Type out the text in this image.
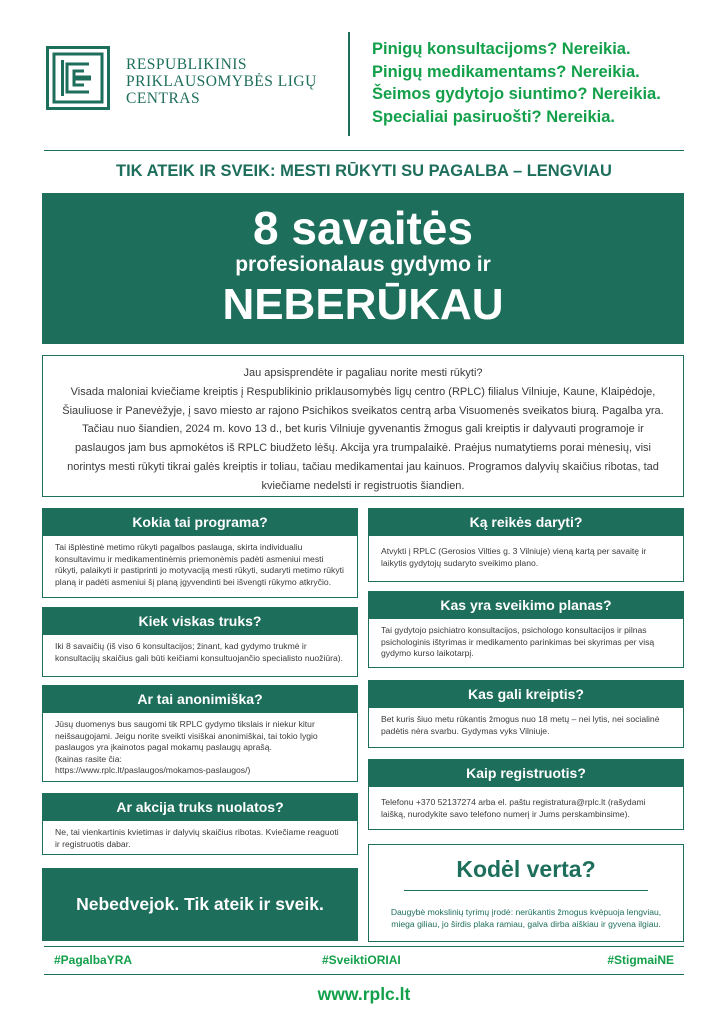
RESPUBLIKINIS
PRIKLAUSOMYBĖS LIGŲ
CENTRAS
Pinigų konsultacijoms? Nereikia.
Pinigų medikamentams? Nereikia.
Šeimos gydytojo siuntimo? Nereikia.
Specialiai pasiruošti? Nereikia.
TIK ATEIK IR SVEIK: MESTI RŪKYTI SU PAGALBA – LENGVIAU
8 savaitės
profesionalaus gydymo ir
NEBERŪKAU
Jau apsisprendėte ir pagaliau norite mesti rūkyti?
Visada maloniai kviečiame kreiptis į Respublikinio priklausomybės ligų centro (RPLC) filialus Vilniuje, Kaune, Klaipėdoje, Šiauliuose ir Panevėžyje, į savo miesto ar rajono Psichikos sveikatos centrą arba Visuomenės sveikatos biurą. Pagalba yra. Tačiau nuo šiandien, 2024 m. kovo 13 d., bet kuris Vilniuje gyvenantis žmogus gali kreiptis ir dalyvauti programoje ir paslaugos jam bus apmokėtos iš RPLC biudžeto lėšų. Akcija yra trumpalaikė. Praėjus numatytiems porai mėnesių, visi norintys mesti rūkyti tikrai galės kreiptis ir toliau, tačiau medikamentai jau kainuos. Programos dalyvių skaičius ribotas, tad kviečiame nedelsti ir registruotis šiandien.
Kokia tai programa?
Tai išplėstinė metimo rūkyti pagalbos paslauga, skirta individualiu konsultavimu ir medikamentinėmis priemonėmis padėti asmeniui mesti rūkyti, palaikyti ir pastiprinti jo motyvaciją mesti rūkyti, sudaryti metimo rūkyti planą ir padėti asmeniui šį planą įgyvendinti bei išvengti rūkymo atkryčio.
Kiek viskas truks?
Iki 8 savaičių (iš viso 6 konsultacijos; žinant, kad gydymo trukmė ir konsultacijų skaičius gali būti keičiami konsultuojančio specialisto nuožiūra).
Ar tai anonimiška?
Jūsų duomenys bus saugomi tik RPLC gydymo tikslais ir niekur kitur neišsaugojami. Jeigu norite sveikti visiškai anonimiškai, tai tokio lygio paslaugos yra įkainotos pagal mokamų paslaugų aprašą.
(kainas rasite čia:
https://www.rplc.lt/paslaugos/mokamos-paslaugos/)
Ar akcija truks nuolatos?
Ne, tai vienkartinis kvietimas ir dalyvių skaičius ribotas. Kviečiame reaguoti ir registruotis dabar.
Nebedvejok. Tik ateik ir sveik.
Ką reikės daryti?
Atvykti į RPLC (Gerosios Vilties g. 3 Vilniuje) vieną kartą per savaitę ir laikytis gydytojų sudaryto sveikimo plano.
Kas yra sveikimo planas?
Tai gydytojo psichiatro konsultacijos, psichologo konsultacijos ir pilnas psichologinis ištyrimas ir medikamento parinkimas bei skyrimas per visą gydymo kurso laikotarpį.
Kas gali kreiptis?
Bet kuris šiuo metu rūkantis žmogus nuo 18 metų – nei lytis, nei socialinė padėtis nėra svarbu. Gydymas vyks Vilniuje.
Kaip registruotis?
Telefonu +370 52137274 arba el. paštu registratura@rplc.lt (rašydami laišką, nurodykite savo telefono numerį ir Jums perskambinsime).
Kodėl verta?
Daugybė mokslinių tyrimų įrodė: nerūkantis žmogus kvėpuoja lengviau, miega giliau, jo širdis plaka ramiau, galva dirba aiškiau ir gyvena ilgiau.
#PagalbaYRA	#SveiktiORIAI	#StigmaiNE
www.rplc.lt
